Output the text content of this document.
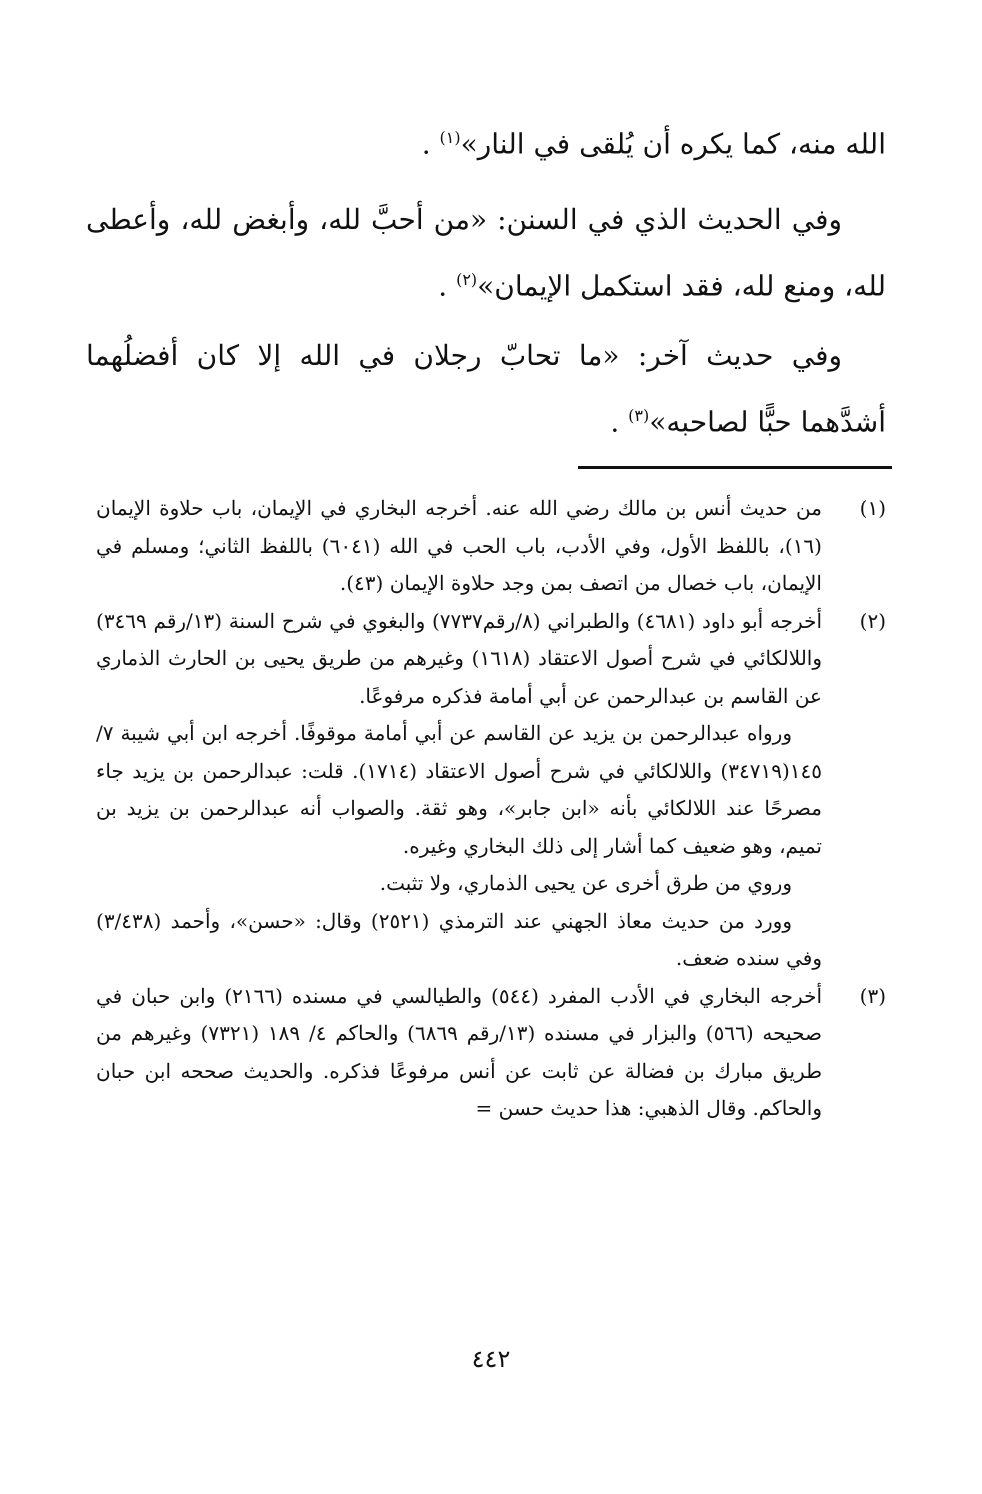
الله منه، كما يكره أن يُلقى في النار»$^{(١)}$ .

وفي الحديث الذي في السنن: «من أحبَّ لله، وأبغض لله، وأعطى لله، ومنع لله، فقد استكمل الإيمان»$^{(٢)}$ .

وفي حديث آخر: «ما تحابّ رجلان في الله إلا كان أفضلُهما أشدَّهما حبًّا لصاحبه»$^{(٣)}$ .

(١)
من حديث أنس بن مالك رضي الله عنه. أخرجه البخاري في الإيمان، باب حلاوة الإيمان (١٦)، باللفظ الأول، وفي الأدب، باب الحب في الله (٦٠٤١) باللفظ الثاني؛ ومسلم في الإيمان، باب خصال من اتصف بمن وجد حلاوة الإيمان (٤٣).

(٢)
أخرجه أبو داود (٤٦٨١) والطبراني (٨/رقم٧٧٣٧) والبغوي في شرح السنة (١٣/رقم ٣٤٦٩) واللالكائي في شرح أصول الاعتقاد (١٦١٨) وغيرهم من طريق يحيى بن الحارث الذماري عن القاسم بن عبدالرحمن عن أبي أمامة فذكره مرفوعًا.

ورواه عبدالرحمن بن يزيد عن القاسم عن أبي أمامة موقوفًا. أخرجه ابن أبي شيبة ٧/ ١٤٥(٣٤٧١٩) واللالكائي في شرح أصول الاعتقاد (١٧١٤). قلت: عبدالرحمن بن يزيد جاء مصرحًا عند اللالكائي بأنه «ابن جابر»، وهو ثقة. والصواب أنه عبدالرحمن بن يزيد بن تميم، وهو ضعيف كما أشار إلى ذلك البخاري وغيره.

وروي من طرق أخرى عن يحيى الذماري، ولا تثبت.

وورد من حديث معاذ الجهني عند الترمذي (٢٥٢١) وقال: «حسن»، وأحمد (٣/٤٣٨) وفي سنده ضعف.

(٣)
أخرجه البخاري في الأدب المفرد (٥٤٤) والطيالسي في مسنده (٢١٦٦) وابن حبان في صحيحه (٥٦٦) والبزار في مسنده (١٣/رقم ٦٨٦٩) والحاكم ٤/ ١٨٩ (٧٣٢١) وغيرهم من طريق مبارك بن فضالة عن ثابت عن أنس مرفوعًا فذكره. والحديث صححه ابن حبان والحاكم. وقال الذهبي: هذا حديث حسن =

٤٤٢
